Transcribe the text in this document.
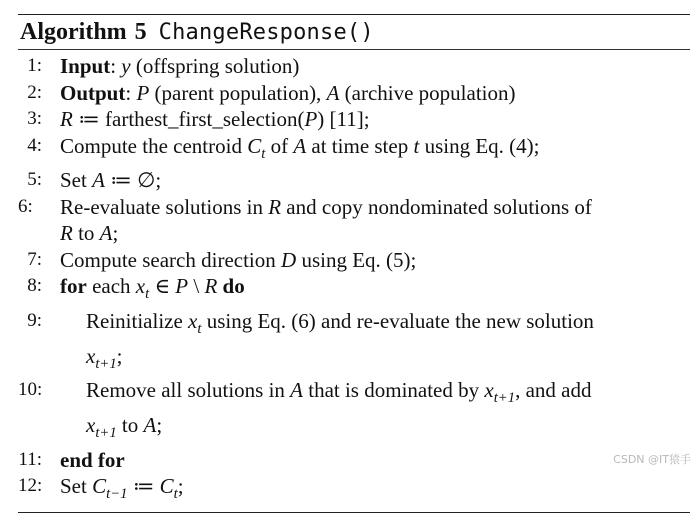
Algorithm 5 ChangeResponse()
1: Input: y (offspring solution)
2: Output: P (parent population), A (archive population)
3: R ≔ farthest_first_selection(P) [11];
4: Compute the centroid $C_t$ of A at time step t using Eq. (4);
5: Set A ≔ ∅;
6:	Re-evaluate solutions in R and copy nondominated solutions of
R to A;
7: Compute search direction D using Eq. (5);
8: for each $x_t$ ∈ P \ R do
9:	Reinitialize $x_t$ using Eq. (6) and re-evaluate the new solution
$x_{t+1}$;
10:	Remove all solutions in A that is dominated by $x_{t+1}$, and add
$x_{t+1}$ to A;
11: end for
12: Set $C_{t-1}$ ≔ $C_t$;
CSDN @IT猿手
